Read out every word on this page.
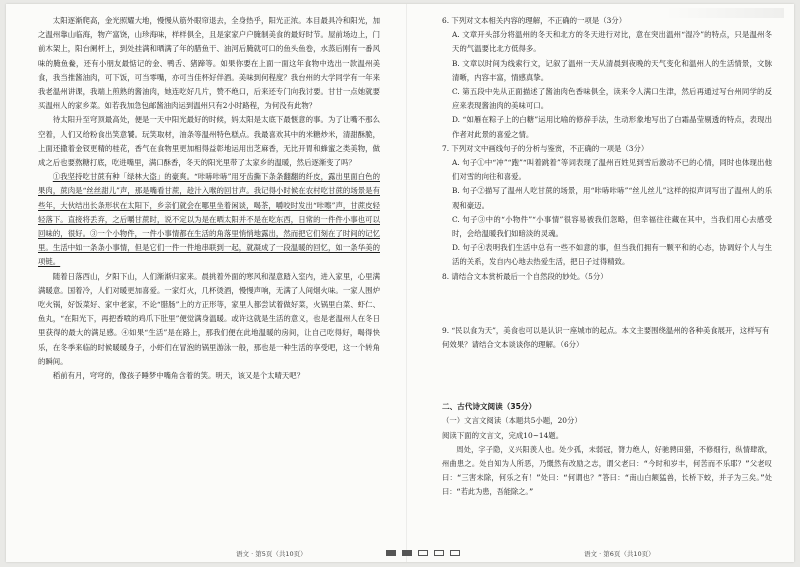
太阳逐渐爬高，金光照耀大地，慢慢从筋外眼帘退去，全身热乎，阳光正浓。本目最具冷和阳光，加之温州靠山临海，物产富饶，山珍海味，样样俱全，且是家家户户腌制美食的最好时节。屋前场边上，门前木架上，阳台阑杆上，到处挂满和晒满了年的腊鱼干、油河后腌就可口的鱼头鱼卷，水蒸后刚有一番风味的腌鱼鲞，还有小朋友最惦记的金、鸭舌、猪蹄等。如果你要在上面一面这年食物中选出一款温州美食，我当推酱油肉，可下饭，可当零嘴，亦可当佳杯好伴酒。美味到何程度？我台州的大学同学有一年来我老温州讲课，我端上煎熟的酱油肉，她连吃好几片，赞不绝口，后来还专门向我讨要。甘甘一点她就要买温州人的家乡菜。如若我加急包邮酱油肉运到温州只有2小时路程，为何没有此物？

待太阳升至穹顶最高处，便是一天中阳光最好的时候，妈太阳是太底下最惬意的事。为了让嘴不那么空着，人们又给粉食出笑意饕。玩笑取材，油条等温州特色糕点。我最喜欢其中的米糖炒米，清甜酥脆，上面还撒着金钗更精的桂花，香气在食物里更加相得益彰地运用出芝麻香，无比开胃和蜂蜜之类美物，做成之后也要熬糖打底，吃进嘴里，满口酥香，冬天的阳光里带了太家乡的温暖，然后逐渐变了吗？

①我坚持吃甘蔗有种「绿林大盗」的豪爽。“咔哧咔哧”用牙齿撕下条条翻翻的纤皮，露出里面白色的果肉，蔗肉是“丝丝甜儿”声，那是嘴看甘蔗，趁汁入喉的回甘声。我记得小时候在农村吃甘蔗的场景是有些年，大伙结出长条形状在太阳下，乡亲们就会在哪里坐着闲谈，喝茶，嚼咬时发出“咔嚓”声，甘蔗皮轻轻落下。直接将丢弃，之后嚼甘蔗时，说不定以为是在晒太阳并不是在吃东西，日常的一件件小事也可以回味的，很好。③一个小物件，一件小事情都在生活的角落里悄悄地露出，然而把它们刻在了时间的记忆里。生活中如一条条小事情，但是它们一件一件地串联到一起，就凝成了一段温暖的回忆，如一条华美的项链。

随着日落西山，夕阳下山，人们渐渐归家来。晨挑着外面的寒风和湿意踏入室内，进入家里，心里满满暖意。国着冷，人们对暖更加喜爱。一家灯火，几杯烫酒，慢慢声响，无满了人间烟火味。一家人围炉吃火锅，好饭菜好、家中老家，不论“腊肠”上的方正形等，家里人都尝试着做好菜，火锅里白菜、虾仁、鱼丸，“在阳光下，再把香喷的鸡爪下肚里”便觉满身温暖。或许这就是生活的意义，也是老温州人在冬日里获得的最大的满足感。④如果“生活”是在路上，那我们便在此地温暖的房间，让自己吃得好，喝得快乐，在冬季来临的时候暖暖身子，小虾们在冒泡的锅里游泳一般，那也是一种生活的享受吧，这一个转角的瞬间。

稻前有月，穹穹的，像孩子睡梦中嘴角含着的笑。明天，该又是个太晴天吧？

6. 下列对文本相关内容的理解，不正确的一项是（3分）

A. 文章开头部分将温州的冬天和北方的冬天进行对比，意在突出温州“湿冷”的特点，只是温州冬天的气温要比北方低得多。

B. 文章以时间为线索行文，记叙了温州一天从清晨到夜晚的天气变化和温州人的生活情景，文脉清晰，内容丰富，情感真挚。

C. 第五段中先从正面描述了酱油肉色香味俱全，读来令人满口生津，然后再通过写台州同学的反应来表现酱油肉的美味可口。

D. “如雁在粽子上的白糖”运用比喻的修辞手法，生动形象地写出了白霜晶莹剔透的特点，表现出作者对此景的喜爱之情。

7. 下列对文中画线句子的分析与鉴赏，不正确的一项是（3分）

A. 句子①中“冲”“跑”“叫着跳着”等词表现了温州百姓见到雪后激动不已的心情，同时也体现出他们对雪的向往和喜爱。

B. 句子②描写了温州人吃甘蔗的场景，用“咔哧咔哧”“丝儿丝儿”这样的拟声词写出了温州人的乐观和豪迈。

C. 句子③中的“小物件”“小事情”很容易被我们忽略，但幸福往往藏在其中，当我们用心去感受时，会给温暖我们如暗淡的灵魂。

D. 句子④表明我们生活中总有一些不如意的事，但当我们拥有一颗平和的心态，协调好个人与生活的关系，发自内心地去热爱生活，把日子过得精致。

8. 请结合文本赏析最后一个自然段的妙处。（5分）

9. “民以食为天”，美食也可以是认识一座城市的起点。本文主要围绕温州的各种美食展开，这样写有何效果？请结合文本谈谈你的理解。（6分）

二、古代诗文阅读（35分）

（一）文言文阅读（本题共5小题，20分）

阅读下面的文言文，完成10~14题。

周处，字子隐，义兴阳羡人也。处少孤，未弱冠，膂力绝人，好驰骋田猎，不修细行，纵情肆欲，州曲患之。处自知为人所恶，乃慨然有改励之志，谓父老曰：“今时和岁丰，何苦而不乐耶？”父老叹曰：“三害未除，何乐之有！”处曰：“何谓也？”答曰：“南山白额猛兽，长桥下蛟，并子为三矣。”处曰：“若此为患，吾能除之。”

语文 · 第5页（共10页）	语文 · 第6页（共10页）
